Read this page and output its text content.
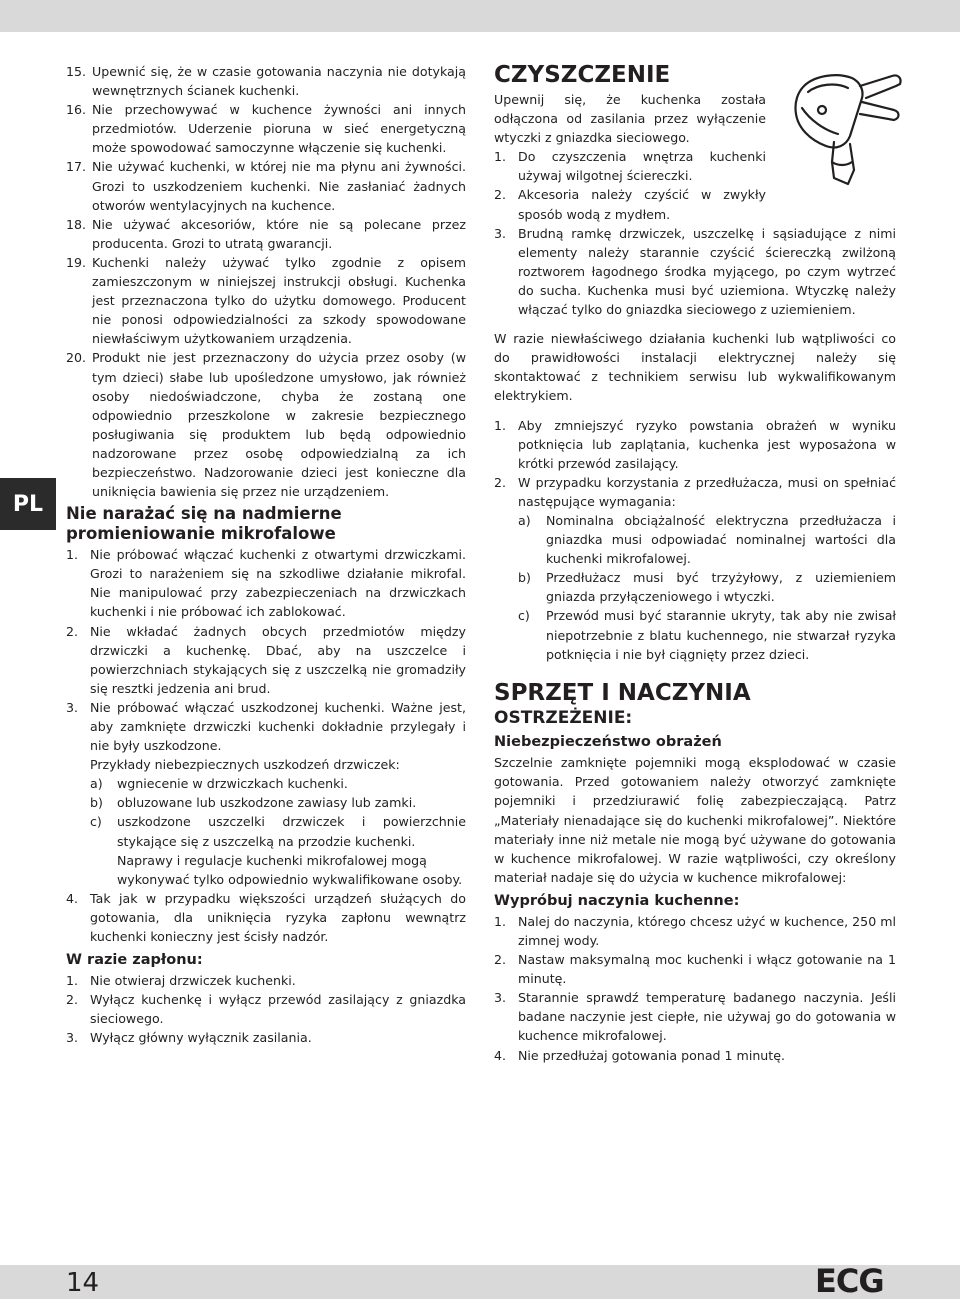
PL
15. Upewnić się, że w czasie gotowania naczynia nie dotykają wewnętrznych ścianek kuchenki.
16. Nie przechowywać w kuchence żywności ani innych przedmiotów. Uderzenie pioruna w sieć energetyczną może spowodować samoczynne włączenie się kuchenki.
17. Nie używać kuchenki, w której nie ma płynu ani żywności. Grozi to uszkodzeniem kuchenki. Nie zasłaniać żadnych otworów wentylacyjnych na kuchence.
18. Nie używać akcesoriów, które nie są polecane przez producenta. Grozi to utratą gwarancji.
19. Kuchenki należy używać tylko zgodnie z opisem zamieszczonym w niniejszej instrukcji obsługi. Kuchenka jest przeznaczona tylko do użytku domowego. Producent nie ponosi odpowiedzialności za szkody spowodowane niewłaściwym użytkowaniem urządzenia.
20. Produkt nie jest przeznaczony do użycia przez osoby (w tym dzieci) słabe lub upośledzone umysłowo, jak również osoby niedoświadczone, chyba że zostaną one odpowiednio przeszkolone w zakresie bezpiecznego posługiwania się produktem lub będą odpowiednio nadzorowane przez osobę odpowiedzialną za ich bezpieczeństwo. Nadzorowanie dzieci jest konieczne dla uniknięcia bawienia się przez nie urządzeniem.
Nie narażać się na nadmierne promieniowanie mikrofalowe
1. Nie próbować włączać kuchenki z otwartymi drzwiczkami. Grozi to narażeniem się na szkodliwe działanie mikrofal. Nie manipulować przy zabezpieczeniach na drzwiczkach kuchenki i nie próbować ich zablokować.
2. Nie wkładać żadnych obcych przedmiotów między drzwiczki a kuchenkę. Dbać, aby na uszczelce i powierzchniach stykających się z uszczelką nie gromadziły się resztki jedzenia ani brud.
3. Nie próbować włączać uszkodzonej kuchenki. Ważne jest, aby zamknięte drzwiczki kuchenki dokładnie przylegały i nie były uszkodzone.
Przykłady niebezpiecznych uszkodzeń drzwiczek:
a)	wgniecenie w drzwiczkach kuchenki.
b)	obluzowane lub uszkodzone zawiasy lub zamki.
c)	uszkodzone uszczelki drzwiczek i powierzchnie stykające się z uszczelką na przodzie kuchenki.
Naprawy i regulacje kuchenki mikrofalowej mogą wykonywać tylko odpowiednio wykwalifikowane osoby.
4. Tak jak w przypadku większości urządzeń służących do gotowania, dla uniknięcia ryzyka zapłonu wewnątrz kuchenki konieczny jest ścisły nadzór.
W razie zapłonu:
1. Nie otwieraj drzwiczek kuchenki.
2. Wyłącz kuchenkę i wyłącz przewód zasilający z gniazdka sieciowego.
3. Wyłącz główny wyłącznik zasilania.
CZYSZCZENIE
Upewnij się, że kuchenka została odłączona od zasilania przez wyłączenie wtyczki z gniazdka sieciowego.
1. Do czyszczenia wnętrza kuchenki używaj wilgotnej ściereczki.
2. Akcesoria należy czyścić w zwykły sposób wodą z mydłem.
3. Brudną ramkę drzwiczek, uszczelkę i sąsiadujące z nimi elementy należy starannie czyścić ściereczką zwilżoną roztworem łagodnego środka myjącego, po czym wytrzeć do sucha. Kuchenka musi być uziemiona. Wtyczkę należy włączać tylko do gniazdka sieciowego z uziemieniem.
W razie niewłaściwego działania kuchenki lub wątpliwości co do prawidłowości instalacji elektrycznej należy się skontaktować z technikiem serwisu lub wykwalifikowanym elektrykiem.
1. Aby zmniejszyć ryzyko powstania obrażeń w wyniku potknięcia lub zaplątania, kuchenka jest wyposażona w krótki przewód zasilający.
2. W przypadku korzystania z przedłużacza, musi on spełniać następujące wymagania:
a)	Nominalna obciążalność elektryczna przedłużacza i gniazdka musi odpowiadać nominalnej wartości dla kuchenki mikrofalowej.
b)	Przedłużacz musi być trzyżyłowy, z uziemieniem gniazda przyłączeniowego i wtyczki.
c)	Przewód musi być starannie ukryty, tak aby nie zwisał niepotrzebnie z blatu kuchennego, nie stwarzał ryzyka potknięcia i nie był ciągnięty przez dzieci.
SPRZĘT I NACZYNIA
OSTRZEŻENIE:
Niebezpieczeństwo obrażeń
Szczelnie zamknięte pojemniki mogą eksplodować w czasie gotowania. Przed gotowaniem należy otworzyć zamknięte pojemniki i przedziurawić folię zabezpieczającą. Patrz „Materiały nienadające się do kuchenki mikrofalowej”. Niektóre materiały inne niż metale nie mogą być używane do gotowania w kuchence mikrofalowej. W razie wątpliwości, czy określony materiał nadaje się do użycia w kuchence mikrofalowej:
Wypróbuj naczynia kuchenne:
1. Nalej do naczynia, którego chcesz użyć w kuchence, 250 ml zimnej wody.
2. Nastaw maksymalną moc kuchenki i włącz gotowanie na 1 minutę.
3. Starannie sprawdź temperaturę badanego naczynia. Jeśli badane naczynie jest ciepłe, nie używaj go do gotowania w kuchence mikrofalowej.
4. Nie przedłużaj gotowania ponad 1 minutę.
14	ECG
